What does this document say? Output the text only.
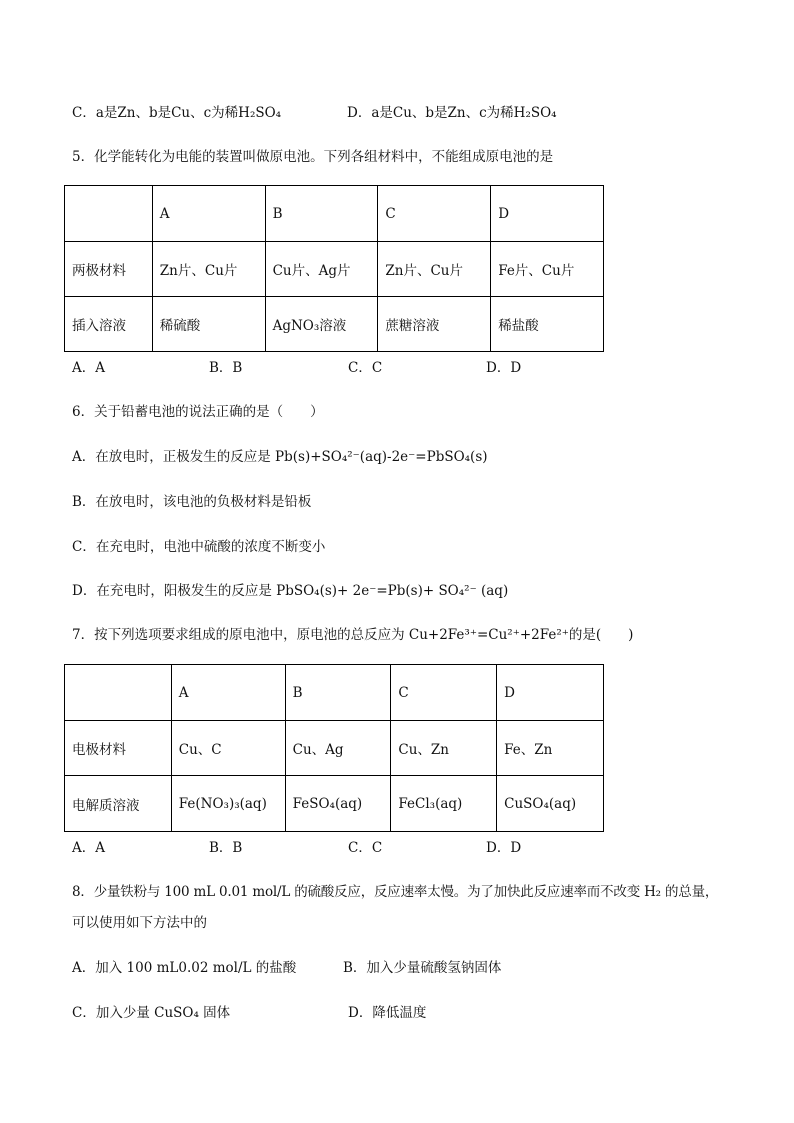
C．a是Zn、b是Cu、c为稀H₂SO₄	D．a是Cu、b是Zn、c为稀H₂SO₄
5．化学能转化为电能的装置叫做原电池。下列各组材料中，不能组成原电池的是
	A	B	C	D
两极材料	Zn片、Cu片	Cu片、Ag片	Zn片、Cu片	Fe片、Cu片
插入溶液	稀硫酸	AgNO₃溶液	蔗糖溶液	稀盐酸
A．A	B．B	C．C	D．D
6．关于铅蓄电池的说法正确的是（　　）
A．在放电时，正极发生的反应是 Pb(s)+SO₄²⁻(aq)-2e⁻=PbSO₄(s)
B．在放电时，该电池的负极材料是铅板
C．在充电时，电池中硫酸的浓度不断变小
D．在充电时，阳极发生的反应是 PbSO₄(s)+ 2e⁻=Pb(s)+ SO₄²⁻ (aq)
7．按下列选项要求组成的原电池中，原电池的总反应为 Cu+2Fe³⁺=Cu²⁺+2Fe²⁺的是(　　)
	A	B	C	D
电极材料	Cu、C	Cu、Ag	Cu、Zn	Fe、Zn
电解质溶液	Fe(NO₃)₃(aq)	FeSO₄(aq)	FeCl₃(aq)	CuSO₄(aq)
A．A	B．B	C．C	D．D
8．少量铁粉与 100 mL 0.01 mol/L 的硫酸反应，反应速率太慢。为了加快此反应速率而不改变 H₂ 的总量，
可以使用如下方法中的
A．加入 100 mL0.02 mol/L 的盐酸	B．加入少量硫酸氢钠固体
C．加入少量 CuSO₄ 固体	D．降低温度
